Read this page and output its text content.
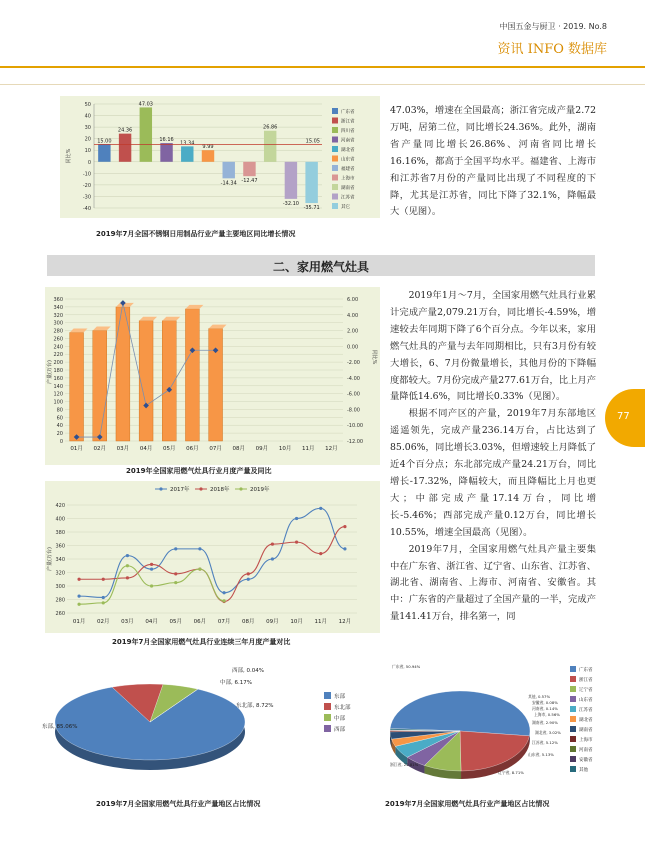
中国五金与厨卫 · 2019. No.8
资讯 INFO 数据库
50
40
30
20
10
0
-10
-20
-30
-40
同比%
15.00
24.36
47.03
16.16
13.34
9.99
-14.34 -12.47
26.86
-32.10
-35.71
15.05
广东省
浙江省
四川省
河南省
湖北省
山东省
福建省
上海市
湖南省
江苏省
其它
2019年7月全国不锈钢日用制品行业产量主要地区同比增长情况

47.03%，增速在全国最高；浙江省完成产量2.72万吨，居第二位，同比增长24.36%。此外，湖南省产量同比增长26.86%、河南省同比增长16.16%，都高于全国平均水平。福建省、上海市和江苏省7月份的产量同比出现了不同程度的下降，尤其是江苏省，同比下降了32.1%，降幅最大（见图）。

二、家用燃气灶具
0
20
40
60
80
100
120
140
160
180
200
220
240
260
280
300
320
340
360	6.00
4.00
2.00
0.00
-2.00
-4.00
-6.00
-8.00
-10.00
-12.00
产量(万台)
同比%
01月 02月 03月 04月 05月 06月 07月 08月 09月 10月 11月 12月
2019年全国家用燃气灶具行业月度产量及同比
260
280
300
320
340
360
380
400
420
产量(万台)
2017年	2018年	2019年
01月 02月 03月 04月 05月 06月 07月 08月 09月 10月 11月 12月
2019年7月全国家用燃气灶具行业连续三年月度产量对比

2019年1月～7月，全国家用燃气灶具行业累计完成产量2,079.21万台，同比增长-4.59%，增速较去年同期下降了6个百分点。今年以来，家用燃气灶具的产量与去年同期相比，只有3月份有较大增长，6、7月份微量增长，其他月份的下降幅度都较大。7月份完成产量277.61万台，比上月产量降低14.6%，同比增长0.33%（见图）。

根据不同产区的产量，2019年7月东部地区遥遥领先，完成产量236.14万台，占比达到了85.06%，同比增长3.03%，但增速较上月降低了近4个百分点；东北部完成产量24.21万台，同比增长-17.32%，降幅较大，而且降幅比上月也更大；中部完成产量17.14万台，同比增长-5.46%；西部完成产量0.12万台，同比增长10.55%，增速全国最高（见图）。

2019年7月，全国家用燃气灶具产量主要集中在广东省、浙江省、辽宁省、山东省、江苏省、湖北省、湖南省、上海市、河南省、安徽省。其中：广东省的产量超过了全国产量的一半，完成产量141.41万台，排名第一，同

77
东部, 85.06%
东北部, 8.72%
中部, 6.17%
西部, 0.04%
东部
东北部
中部
西部
2019年7月全国家用燃气灶具行业产量地区占比情况
广东省, 50.94%
浙江省, 22.81%
辽宁省, 8.71%
山东省, 5.13%
江苏省, 5.12%
湖北省, 3.02%
湖南省, 2.90%
上海市, 0.56%
河南省, 0.14%
安徽省, 0.08%
其他, 0.57%
广东省
浙江省
辽宁省
山东省
江苏省
湖北省
湖南省
上海市
河南省
安徽省
其他
2019年7月全国家用燃气灶具行业产量地区占比情况
